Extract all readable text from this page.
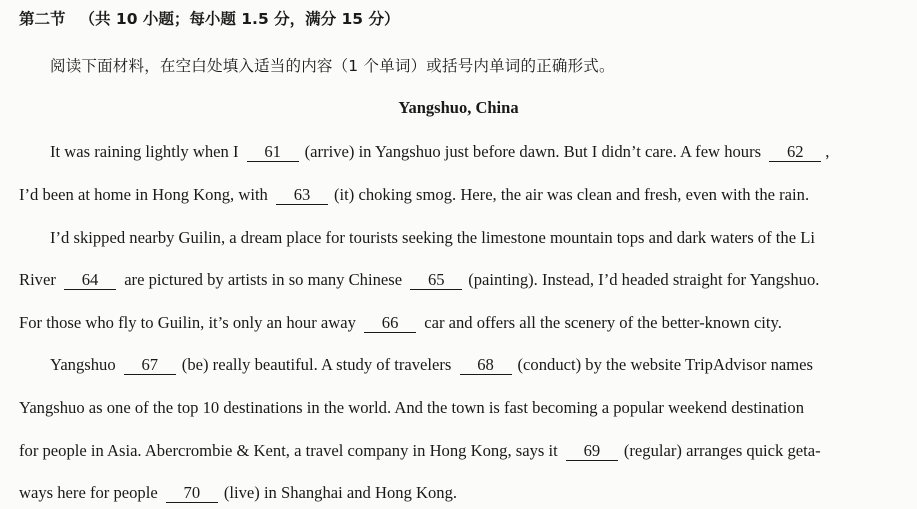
第二节 （共 10 小题；每小题 1.5 分，满分 15 分）
阅读下面材料，在空白处填入适当的内容（1 个单词）或括号内单词的正确形式。
Yangshuo, China
It was raining lightly when I 61 (arrive) in Yangshuo just before dawn. But I didn’t care. A few hours 62 ,
I’d been at home in Hong Kong, with 63 (it) choking smog. Here, the air was clean and fresh, even with the rain.
I’d skipped nearby Guilin, a dream place for tourists seeking the limestone mountain tops and dark waters of the Li
River 64 are pictured by artists in so many Chinese 65 (painting). Instead, I’d headed straight for Yangshuo.
For those who fly to Guilin, it’s only an hour away 66 car and offers all the scenery of the better-known city.
Yangshuo 67 (be) really beautiful. A study of travelers 68 (conduct) by the website TripAdvisor names
Yangshuo as one of the top 10 destinations in the world. And the town is fast becoming a popular weekend destination
for people in Asia. Abercrombie & Kent, a travel company in Hong Kong, says it 69 (regular) arranges quick geta-
ways here for people 70 (live) in Shanghai and Hong Kong.
